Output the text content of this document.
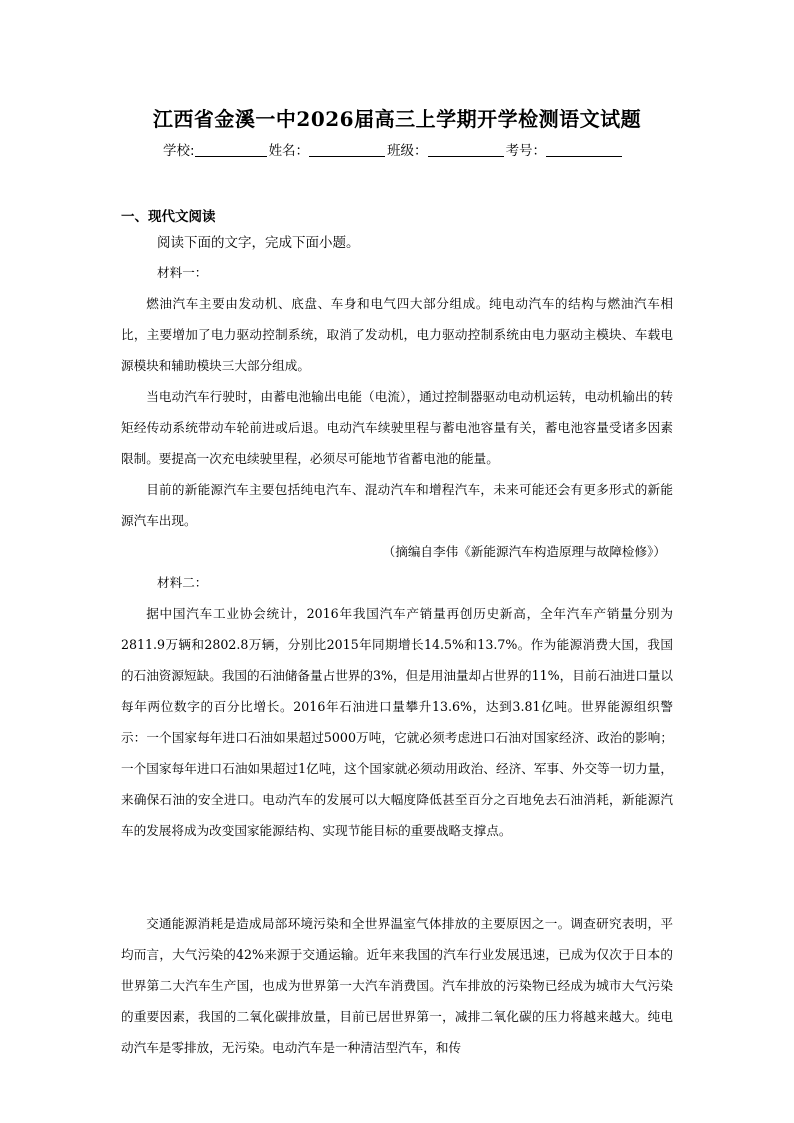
江西省金溪一中2026届高三上学期开学检测语文试题
学校:	姓名：	班级：	考号：
一、现代文阅读
阅读下面的文字，完成下面小题。
材料一：
燃油汽车主要由发动机、底盘、车身和电气四大部分组成。纯电动汽车的结构与燃油汽车相比，主要增加了电力驱动控制系统，取消了发动机，电力驱动控制系统由电力驱动主模块、车载电源模块和辅助模块三大部分组成。
当电动汽车行驶时，由蓄电池输出电能（电流），通过控制器驱动电动机运转，电动机输出的转矩经传动系统带动车轮前进或后退。电动汽车续驶里程与蓄电池容量有关，蓄电池容量受诸多因素限制。要提高一次充电续驶里程，必须尽可能地节省蓄电池的能量。
目前的新能源汽车主要包括纯电汽车、混动汽车和增程汽车，未来可能还会有更多形式的新能源汽车出现。
（摘编自李伟《新能源汽车构造原理与故障检修》）
材料二：
据中国汽车工业协会统计，2016年我国汽车产销量再创历史新高，全年汽车产销量分别为2811.9万辆和2802.8万辆，分别比2015年同期增长14.5%和13.7%。作为能源消费大国，我国的石油资源短缺。我国的石油储备量占世界的3%，但是用油量却占世界的11%，目前石油进口量以每年两位数字的百分比增长。2016年石油进口量攀升13.6%，达到3.81亿吨。世界能源组织警示：一个国家每年进口石油如果超过5000万吨，它就必须考虑进口石油对国家经济、政治的影响；一个国家每年进口石油如果超过1亿吨，这个国家就必须动用政治、经济、军事、外交等一切力量，来确保石油的安全进口。电动汽车的发展可以大幅度降低甚至百分之百地免去石油消耗，新能源汽车的发展将成为改变国家能源结构、实现节能目标的重要战略支撑点。
交通能源消耗是造成局部环境污染和全世界温室气体排放的主要原因之一。调查研究表明，平均而言，大气污染的42%来源于交通运输。近年来我国的汽车行业发展迅速，已成为仅次于日本的世界第二大汽车生产国，也成为世界第一大汽车消费国。汽车排放的污染物已经成为城市大气污染的重要因素，我国的二氧化碳排放量，目前已居世界第一，减排二氧化碳的压力将越来越大。纯电动汽车是零排放，无污染。电动汽车是一种清洁型汽车，和传
